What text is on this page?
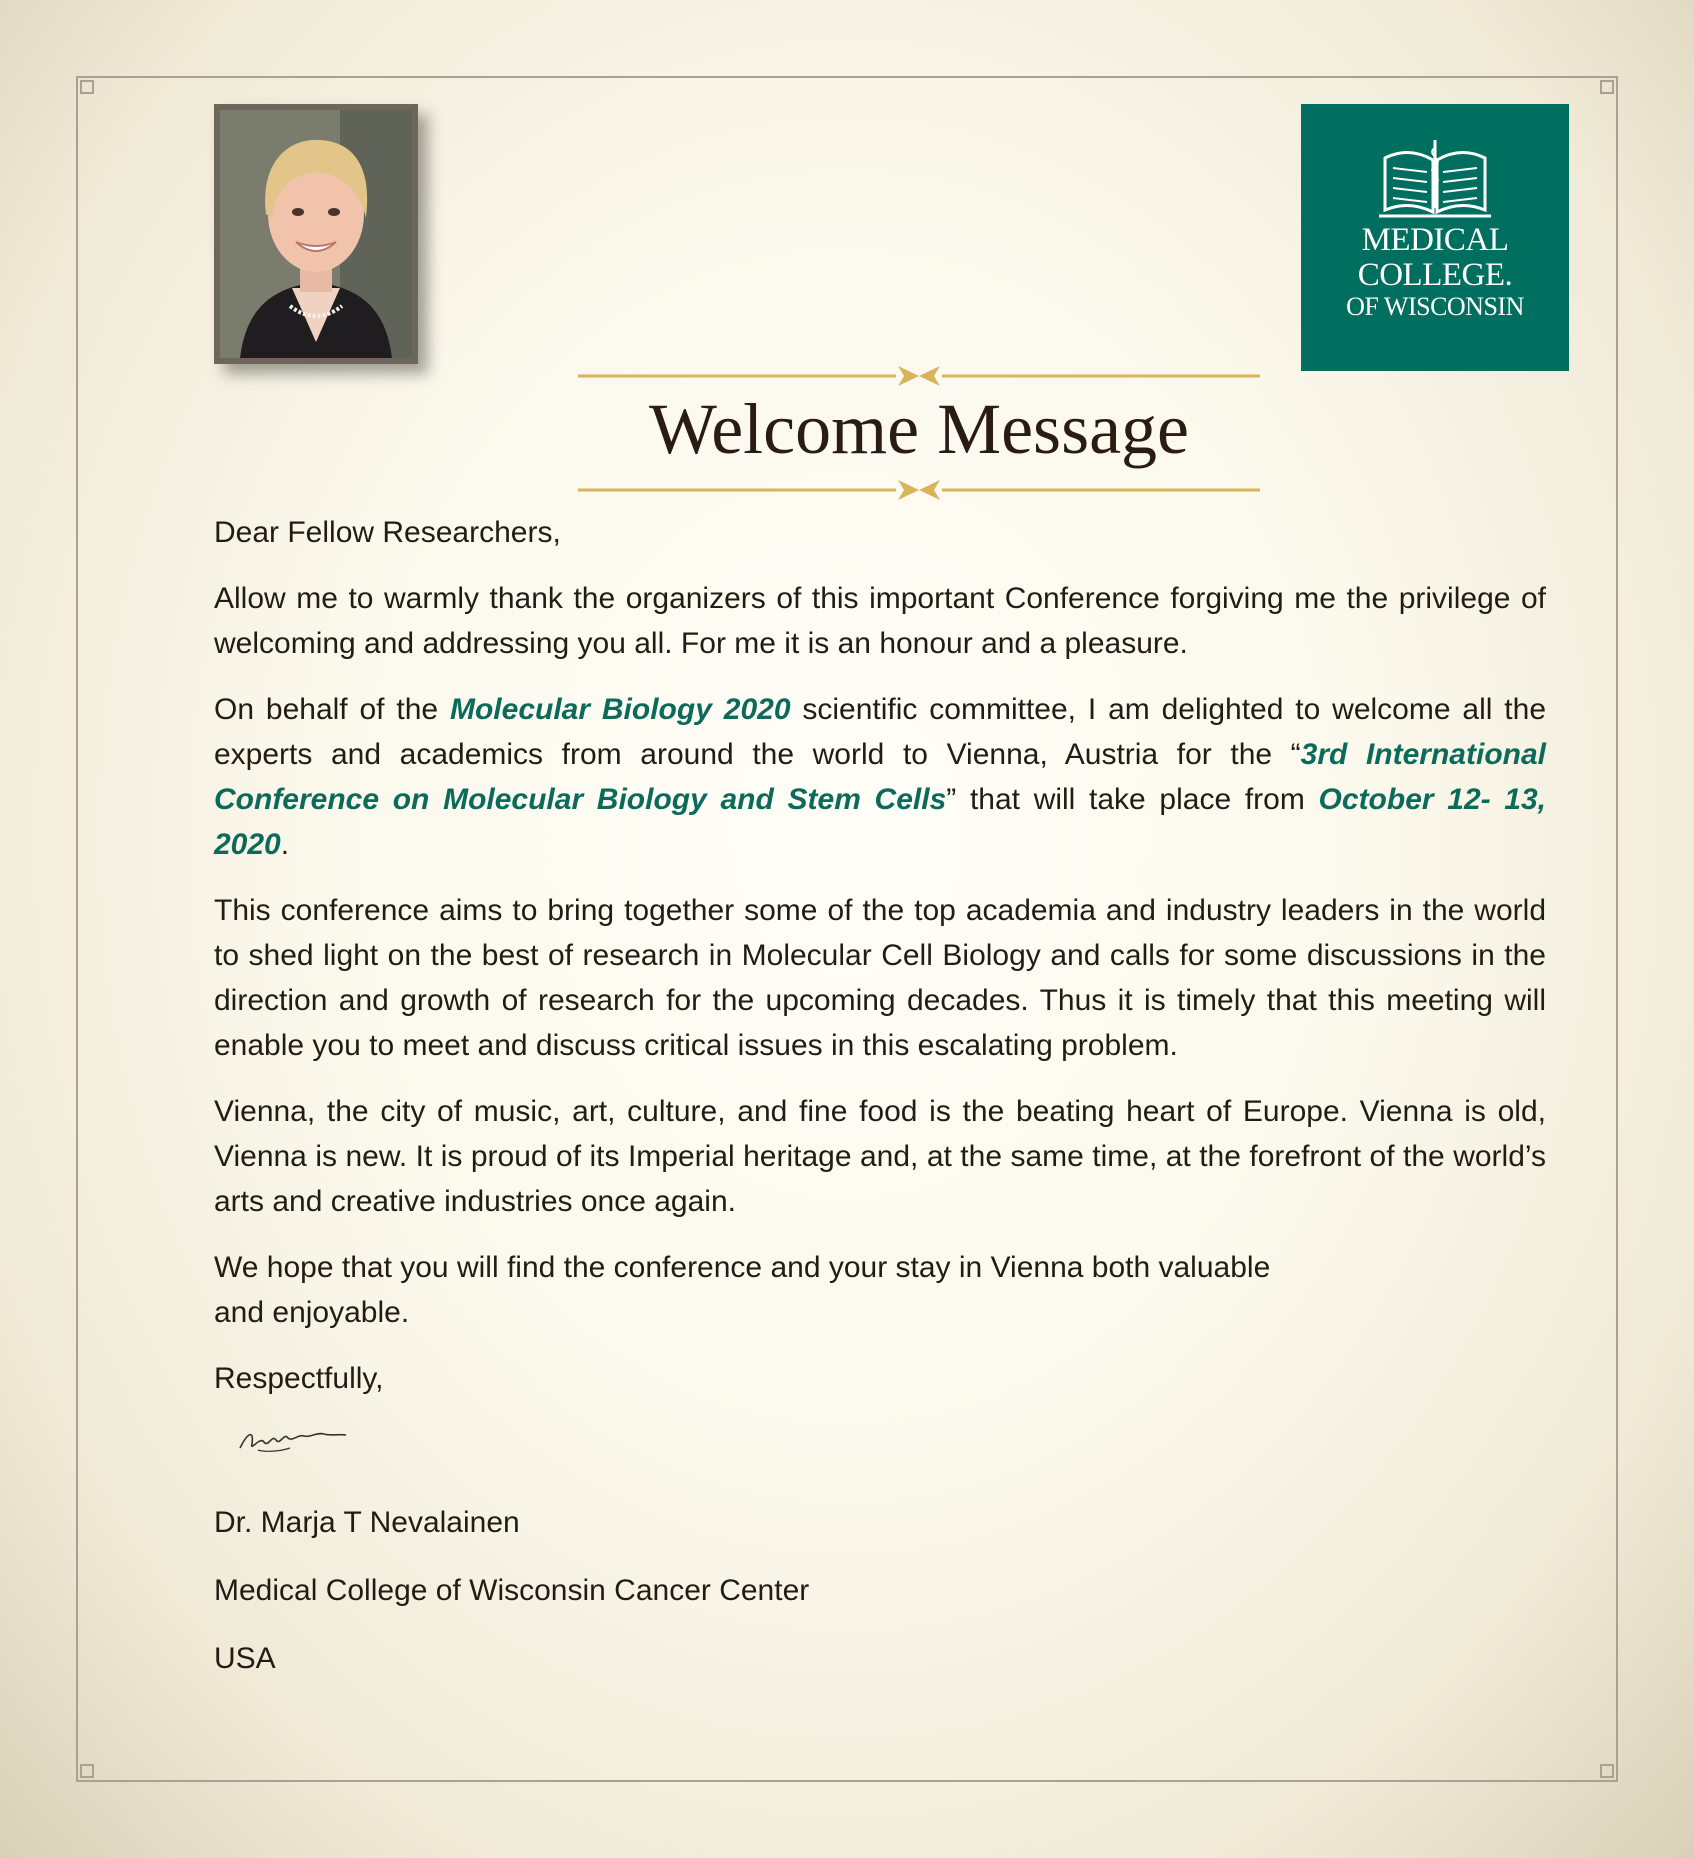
MEDICAL
COLLEGE.
OF WISCONSIN
Welcome Message

Dear Fellow Researchers,

Allow me to warmly thank the organizers of this important Conference forgiving me the privilege of welcoming and addressing you all. For me it is an honour and a pleasure.

On behalf of the Molecular Biology 2020 scientific committee, I am delighted to welcome all the experts and academics from around the world to Vienna, Austria for the “3rd International Conference on Molecular Biology and Stem Cells” that will take place from October 12- 13, 2020.

This conference aims to bring together some of the top academia and industry leaders in the world to shed light on the best of research in Molecular Cell Biology and calls for some discussions in the direction and growth of research for the upcoming decades. Thus it is timely that this meeting will enable you to meet and discuss critical issues in this escalating problem.

Vienna, the city of music, art, culture, and fine food is the beating heart of Europe. Vienna is old, Vienna is new. It is proud of its Imperial heritage and, at the same time, at the forefront of the world’s arts and creative industries once again.

We hope that you will find the conference and your stay in Vienna both valuable
and enjoyable.

Respectfully,

Dr. Marja T Nevalainen

Medical College of Wisconsin Cancer Center

USA
